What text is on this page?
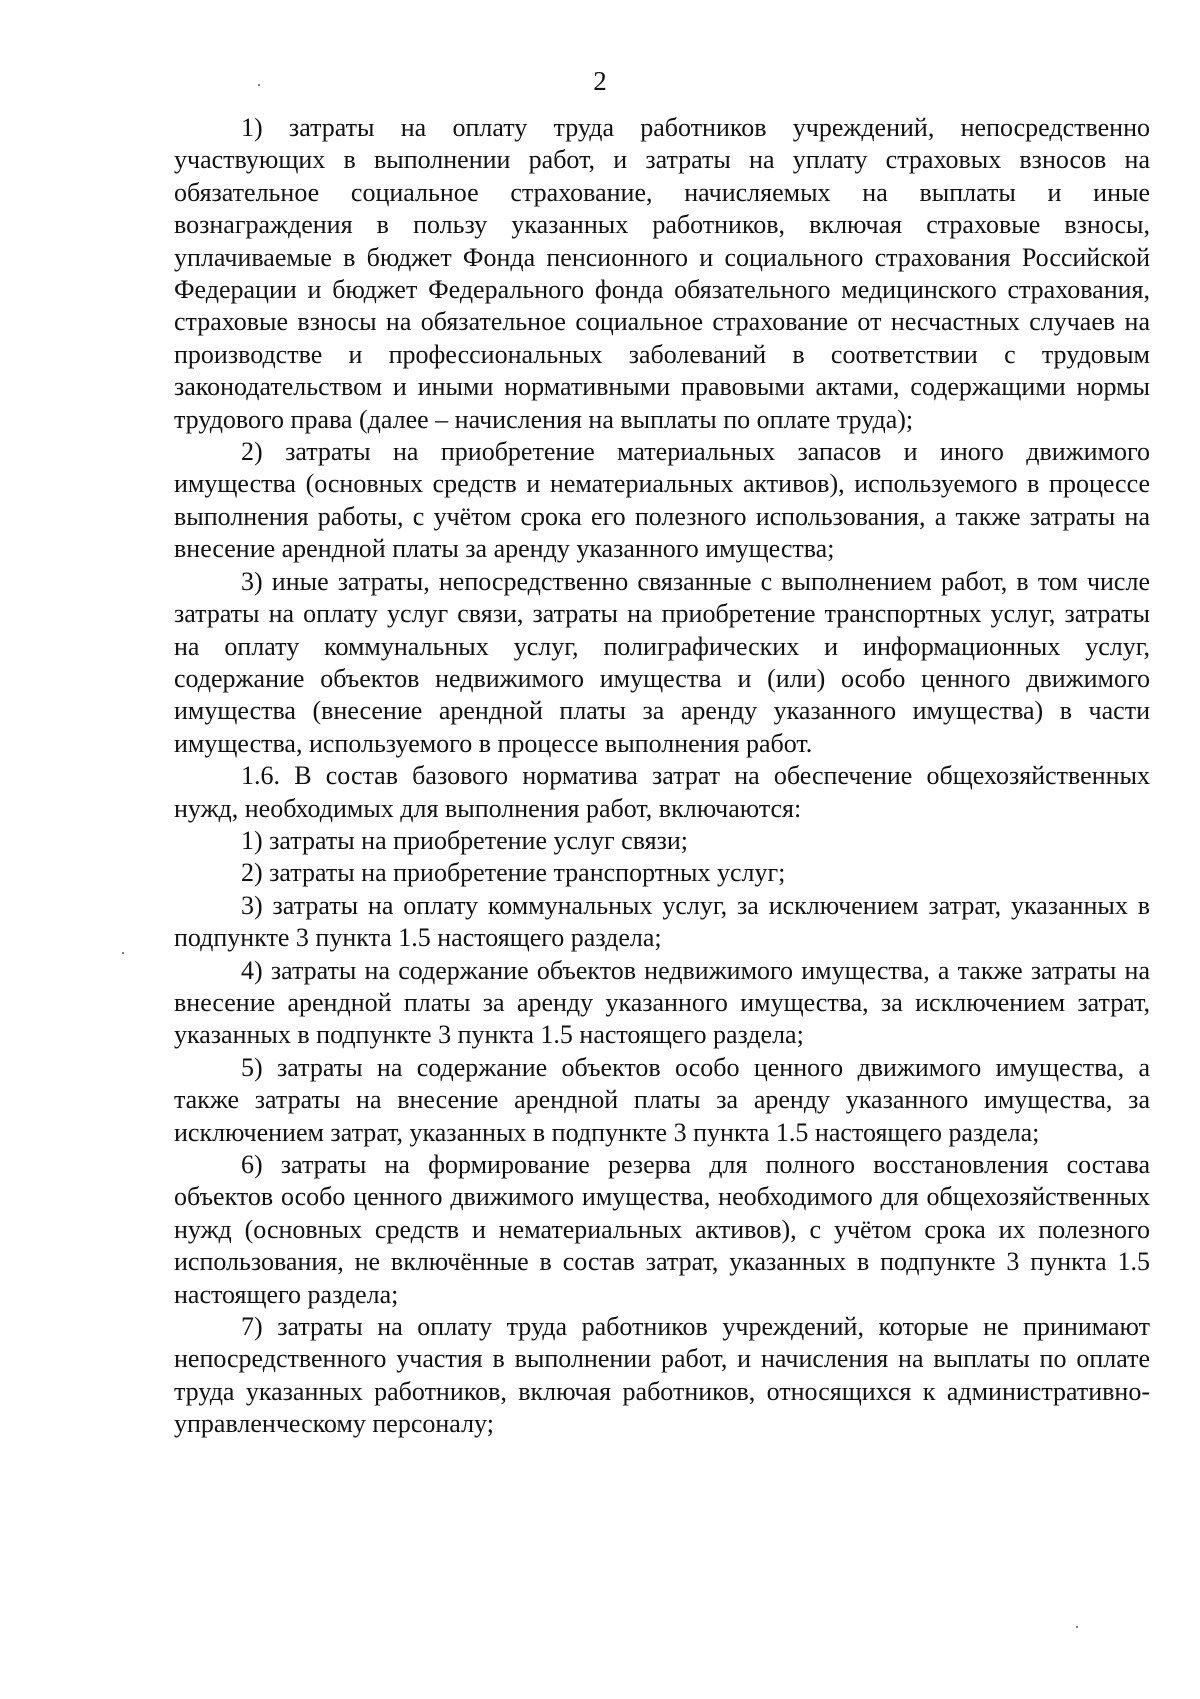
2

1) затраты на оплату труда работников учреждений, непосредственно участвующих в выполнении работ, и затраты на уплату страховых взносов на обязательное социальное страхование, начисляемых на выплаты и иные вознаграждения в пользу указанных работников, включая страховые взносы, уплачиваемые в бюджет Фонда пенсионного и социального страхования Российской Федерации и бюджет Федерального фонда обязательного медицинского страхования, страховые взносы на обязательное социальное страхование от несчастных случаев на производстве и профессиональных заболеваний в соответствии с трудовым законодательством и иными нормативными правовыми актами, содержащими нормы трудового права (далее – начисления на выплаты по оплате труда);

2) затраты на приобретение материальных запасов и иного движимого имущества (основных средств и нематериальных активов), используемого в процессе выполнения работы, с учётом срока его полезного использования, а также затраты на внесение арендной платы за аренду указанного имущества;

3) иные затраты, непосредственно связанные с выполнением работ, в том числе затраты на оплату услуг связи, затраты на приобретение транспортных услуг, затраты на оплату коммунальных услуг, полиграфических и информационных услуг, содержание объектов недвижимого имущества и (или) особо ценного движимого имущества (внесение арендной платы за аренду указанного имущества) в части имущества, используемого в процессе выполнения работ.

1.6. В состав базового норматива затрат на обеспечение общехозяйственных нужд, необходимых для выполнения работ, включаются:

1) затраты на приобретение услуг связи;

2) затраты на приобретение транспортных услуг;

3) затраты на оплату коммунальных услуг, за исключением затрат, указанных в подпункте 3 пункта 1.5 настоящего раздела;

4) затраты на содержание объектов недвижимого имущества, а также затраты на внесение арендной платы за аренду указанного имущества, за исключением затрат, указанных в подпункте 3 пункта 1.5 настоящего раздела;

5) затраты на содержание объектов особо ценного движимого имущества, а также затраты на внесение арендной платы за аренду указанного имущества, за исключением затрат, указанных в подпункте 3 пункта 1.5 настоящего раздела;

6) затраты на формирование резерва для полного восстановления состава объектов особо ценного движимого имущества, необходимого для общехозяйственных нужд (основных средств и нематериальных активов), с учётом срока их полезного использования, не включённые в состав затрат, указанных в подпункте 3 пункта 1.5 настоящего раздела;

7) затраты на оплату труда работников учреждений, которые не принимают непосредственного участия в выполнении работ, и начисления на выплаты по оплате труда указанных работников, включая работников, относящихся к административно-управленческому персоналу;
